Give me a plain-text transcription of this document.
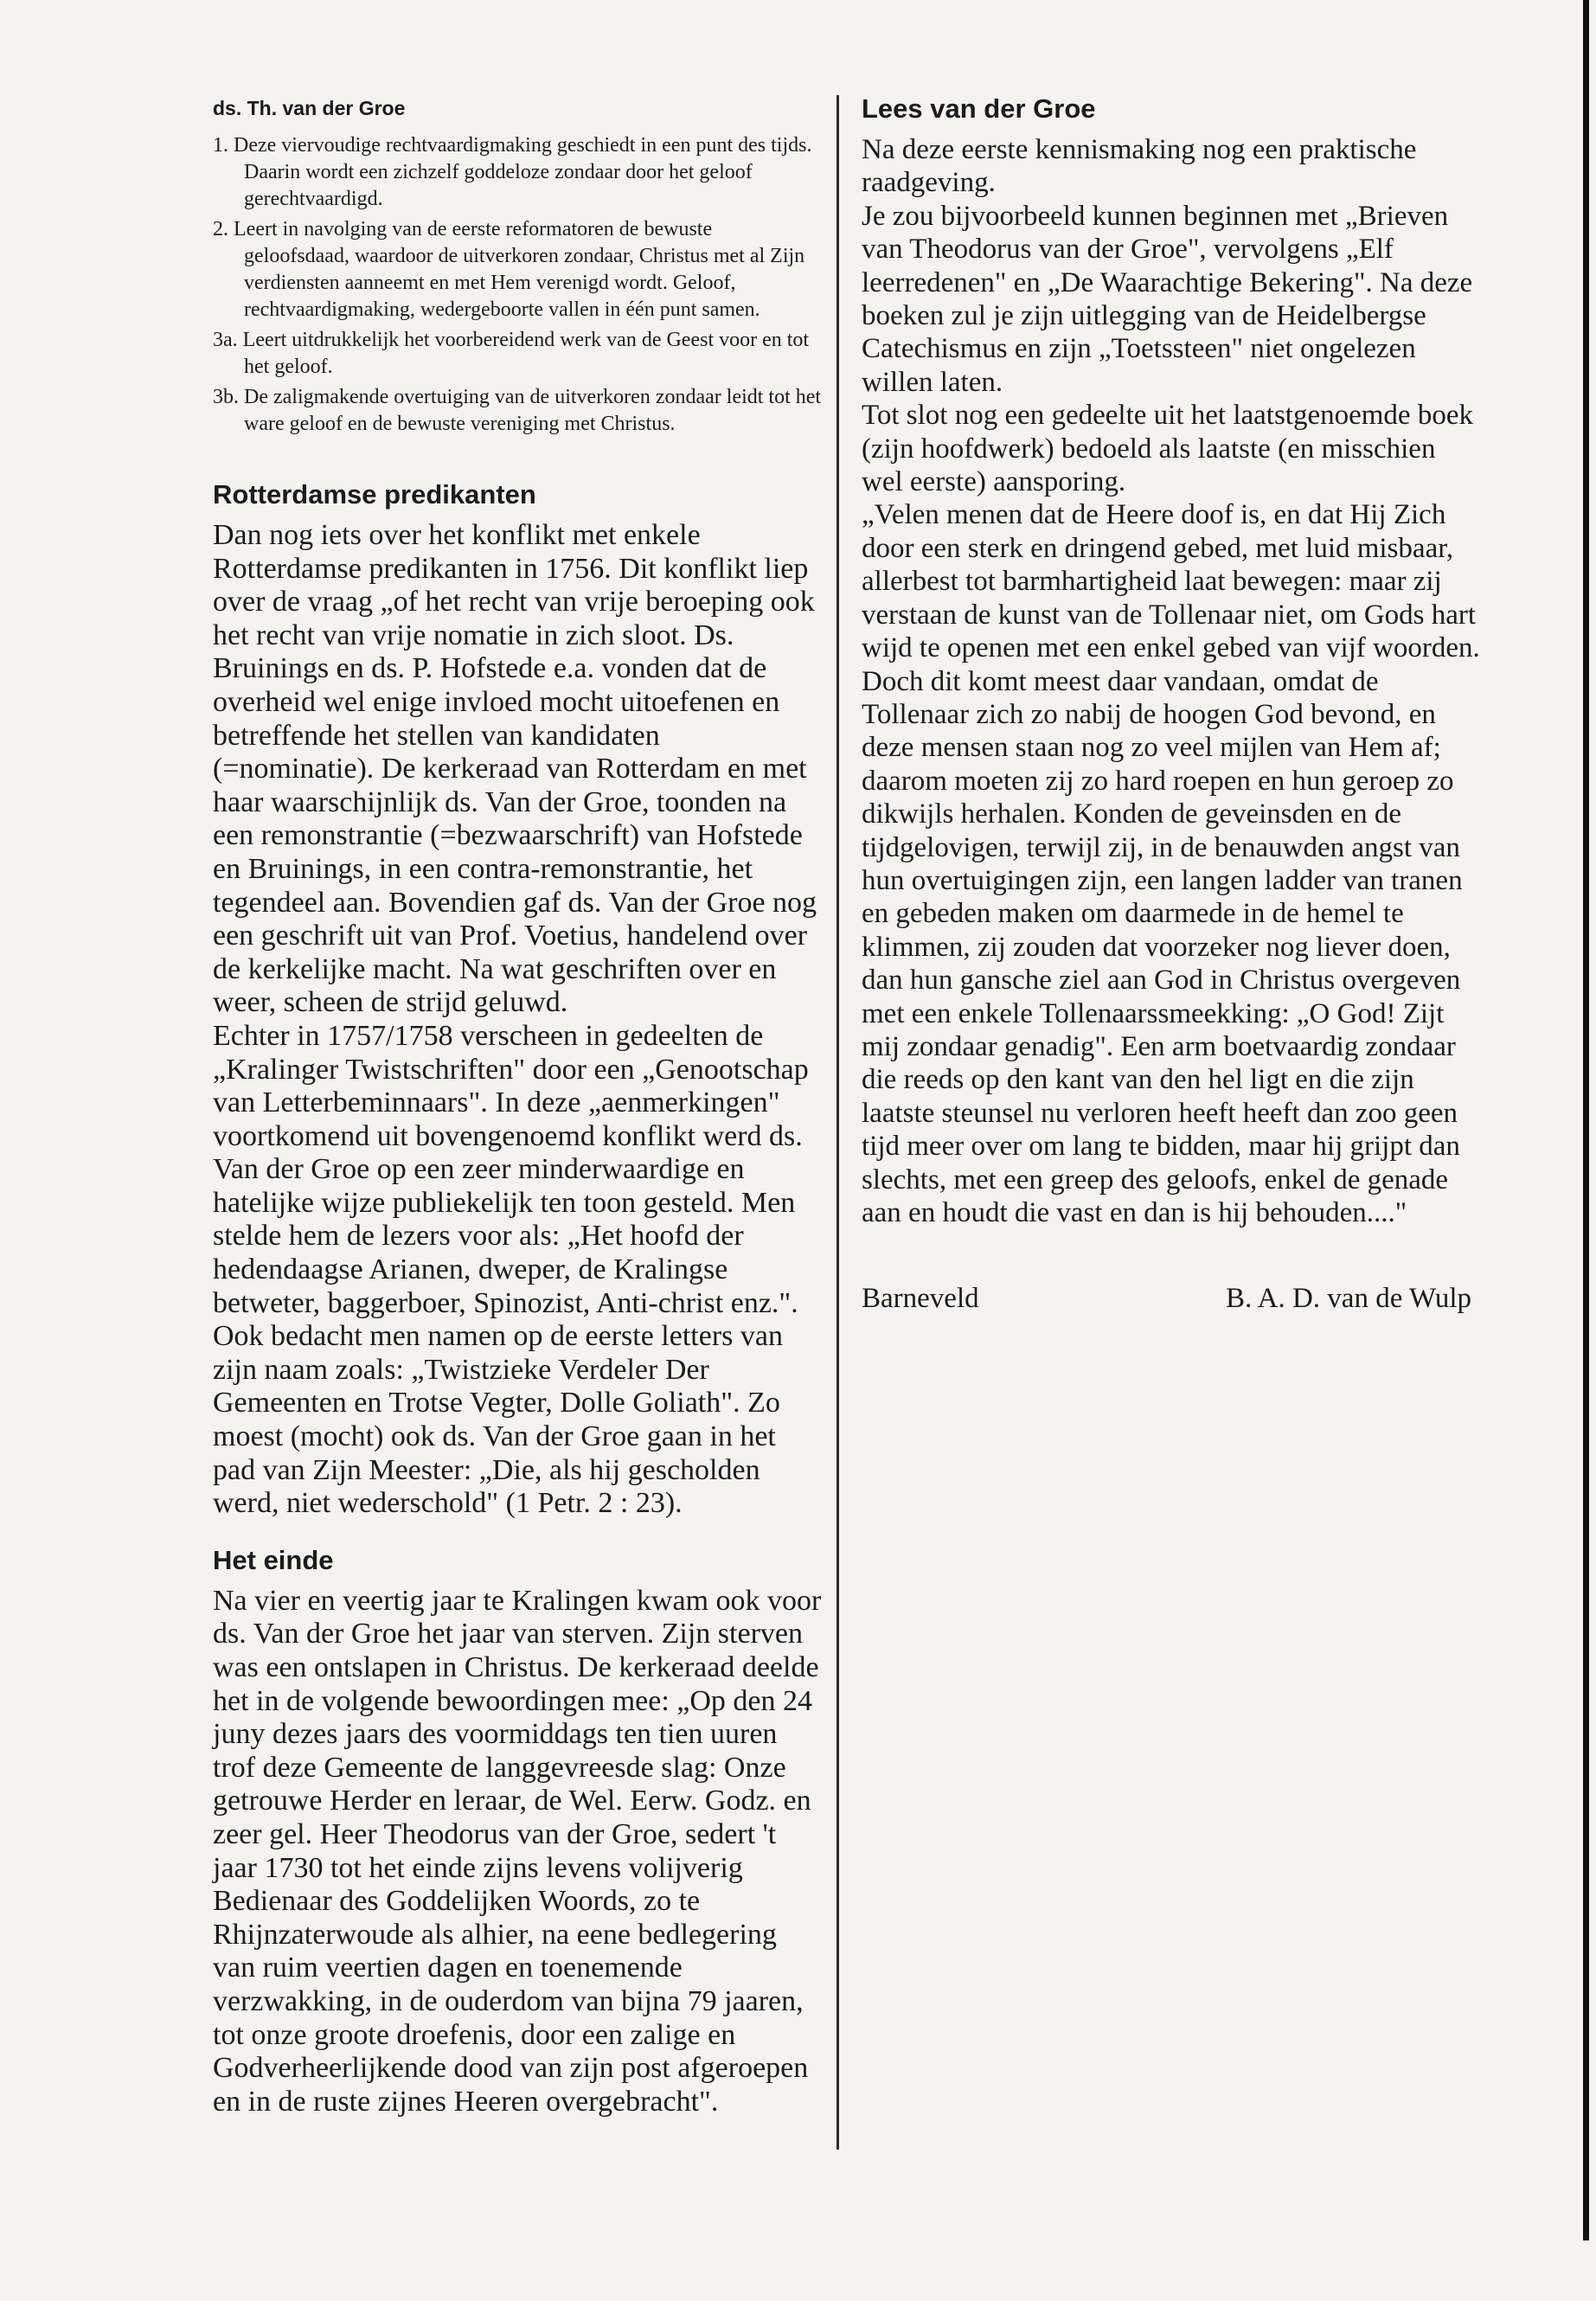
ds. Th. van der Groe
1. Deze viervoudige rechtvaardigmaking geschiedt in een punt des tijds. Daarin wordt een zichzelf goddeloze zondaar door het geloof gerechtvaardigd.
2. Leert in navolging van de eerste reformatoren de bewuste geloofsdaad, waardoor de uitverkoren zondaar, Christus met al Zijn verdiensten aanneemt en met Hem verenigd wordt. Geloof, rechtvaardigmaking, wedergeboorte vallen in één punt samen.
3a. Leert uitdrukkelijk het voorbereidend werk van de Geest voor en tot het geloof.
3b. De zaligmakende overtuiging van de uitverkoren zondaar leidt tot het ware geloof en de bewuste vereniging met Christus.
Rotterdamse predikanten

Dan nog iets over het konflikt met enkele Rotterdamse predikanten in 1756. Dit konflikt liep over de vraag „of het recht van vrije beroeping ook het recht van vrije nomatie in zich sloot. Ds. Bruinings en ds. P. Hofstede e.a. vonden dat de overheid wel enige invloed mocht uitoefenen en betreffende het stellen van kandidaten (=nominatie). De kerkeraad van Rotterdam en met haar waarschijnlijk ds. Van der Groe, toonden na een remonstrantie (=bezwaarschrift) van Hofstede en Bruinings, in een contra-remonstrantie, het tegendeel aan. Bovendien gaf ds. Van der Groe nog een geschrift uit van Prof. Voetius, handelend over de kerkelijke macht. Na wat geschriften over en weer, scheen de strijd geluwd.

Echter in 1757/1758 verscheen in gedeelten de „Kralinger Twistschriften" door een „Genootschap van Letterbeminnaars". In deze „aenmerkingen" voortkomend uit bovengenoemd konflikt werd ds. Van der Groe op een zeer minderwaardige en hatelijke wijze publiekelijk ten toon gesteld. Men stelde hem de lezers voor als: „Het hoofd der hedendaagse Arianen, dweper, de Kralingse betweter, baggerboer, Spinozist, Anti-christ enz.". Ook bedacht men namen op de eerste letters van zijn naam zoals: „Twistzieke Verdeler Der Gemeenten en Trotse Vegter, Dolle Goliath". Zo moest (mocht) ook ds. Van der Groe gaan in het pad van Zijn Meester: „Die, als hij gescholden werd, niet wederschold" (1 Petr. 2 : 23).

Het einde

Na vier en veertig jaar te Kralingen kwam ook voor ds. Van der Groe het jaar van sterven. Zijn sterven was een ontslapen in Christus. De kerkeraad deelde het in de volgende bewoordingen mee: „Op den 24 juny dezes jaars des voormiddags ten tien uuren trof deze Gemeente de langgevreesde slag: Onze getrouwe Herder en leraar, de Wel. Eerw. Godz. en zeer gel. Heer Theodorus van der Groe, sedert 't jaar 1730 tot het einde zijns levens volijverig Bedienaar des Goddelijken Woords, zo te Rhijnzaterwoude als alhier, na eene bedlegering van ruim veertien dagen en toenemende verzwakking, in de ouderdom van bijna 79 jaaren, tot onze groote droefenis, door een zalige en Godverheerlijkende dood van zijn post afgeroepen en in de ruste zijnes Heeren overgebracht".

Lees van der Groe

Na deze eerste kennismaking nog een praktische raadgeving.

Je zou bijvoorbeeld kunnen beginnen met „Brieven van Theodorus van der Groe", vervolgens „Elf leerredenen" en „De Waarachtige Bekering". Na deze boeken zul je zijn uitlegging van de Heidelbergse Catechismus en zijn „Toetssteen" niet ongelezen willen laten.

Tot slot nog een gedeelte uit het laatstgenoemde boek (zijn hoofdwerk) bedoeld als laatste (en misschien wel eerste) aansporing.

„Velen menen dat de Heere doof is, en dat Hij Zich door een sterk en dringend gebed, met luid misbaar, allerbest tot barmhartigheid laat bewegen: maar zij verstaan de kunst van de Tollenaar niet, om Gods hart wijd te openen met een enkel gebed van vijf woorden. Doch dit komt meest daar vandaan, omdat de Tollenaar zich zo nabij de hoogen God bevond, en deze mensen staan nog zo veel mijlen van Hem af; daarom moeten zij zo hard roepen en hun geroep zo dikwijls herhalen. Konden de geveinsden en de tijdgelovigen, terwijl zij, in de benauwden angst van hun overtuigingen zijn, een langen ladder van tranen en gebeden maken om daarmede in de hemel te klimmen, zij zouden dat voorzeker nog liever doen, dan hun gansche ziel aan God in Christus overgeven met een enkele Tollenaarssmeekking: „O God! Zijt mij zondaar genadig". Een arm boetvaardig zondaar die reeds op den kant van den hel ligt en die zijn laatste steunsel nu verloren heeft heeft dan zoo geen tijd meer over om lang te bidden, maar hij grijpt dan slechts, met een greep des geloofs, enkel de genade aan en houdt die vast en dan is hij behouden...."

Barneveld	B. A. D. van de Wulp
